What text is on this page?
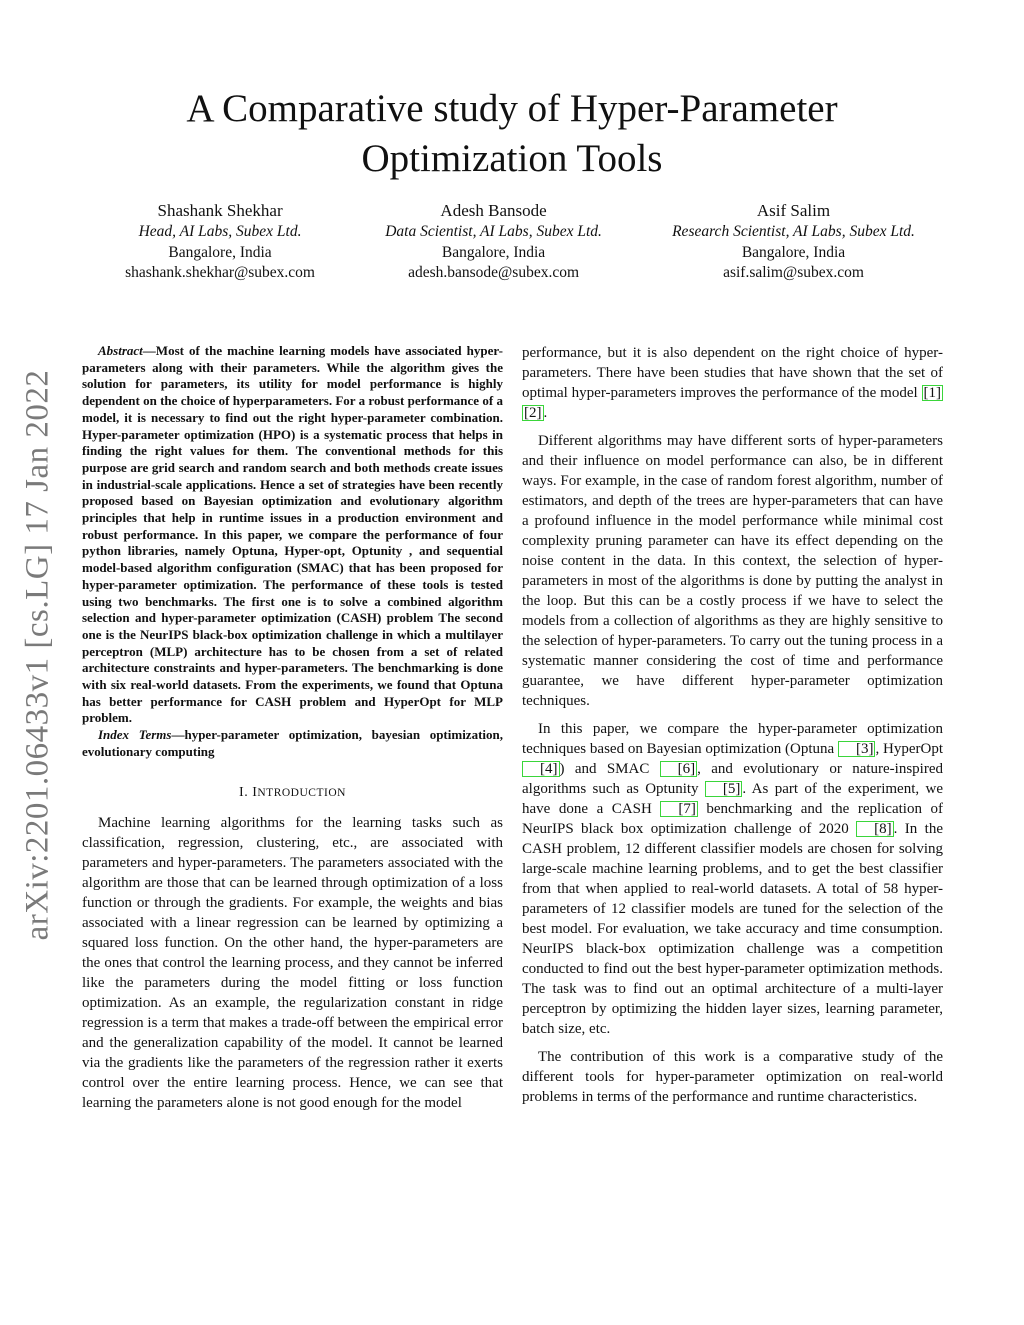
arXiv:2201.06433v1 [cs.LG] 17 Jan 2022
A Comparative study of Hyper-Parameter Optimization Tools
Shashank Shekhar
Head, AI Labs, Subex Ltd.
Bangalore, India
shashank.shekhar@subex.com
Adesh Bansode
Data Scientist, AI Labs, Subex Ltd.
Bangalore, India
adesh.bansode@subex.com
Asif Salim
Research Scientist, AI Labs, Subex Ltd.
Bangalore, India
asif.salim@subex.com

Abstract—Most of the machine learning models have associated hyper-parameters along with their parameters. While the algorithm gives the solution for parameters, its utility for model performance is highly dependent on the choice of hyperparameters. For a robust performance of a model, it is necessary to find out the right hyper-parameter combination. Hyper-parameter optimization (HPO) is a systematic process that helps in finding the right values for them. The conventional methods for this purpose are grid search and random search and both methods create issues in industrial-scale applications. Hence a set of strategies have been recently proposed based on Bayesian optimization and evolutionary algorithm principles that help in runtime issues in a production environment and robust performance. In this paper, we compare the performance of four python libraries, namely Optuna, Hyper-opt, Optunity , and sequential model-based algorithm configuration (SMAC) that has been proposed for hyper-parameter optimization. The performance of these tools is tested using two benchmarks. The first one is to solve a combined algorithm selection and hyper-parameter optimization (CASH) problem The second one is the NeurIPS black-box optimization challenge in which a multilayer perceptron (MLP) architecture has to be chosen from a set of related architecture constraints and hyper-parameters. The benchmarking is done with six real-world datasets. From the experiments, we found that Optuna has better performance for CASH problem and HyperOpt for MLP problem.

Index Terms—hyper-parameter optimization, bayesian optimization, evolutionary computing

I. INTRODUCTION

Machine learning algorithms for the learning tasks such as classification, regression, clustering, etc., are associated with parameters and hyper-parameters. The parameters associated with the algorithm are those that can be learned through optimization of a loss function or through the gradients. For example, the weights and bias associated with a linear regression can be learned by optimizing a squared loss function. On the other hand, the hyper-parameters are the ones that control the learning process, and they cannot be inferred like the parameters during the model fitting or loss function optimization. As an example, the regularization constant in ridge regression is a term that makes a trade-off between the empirical error and the generalization capability of the model. It cannot be learned via the gradients like the parameters of the regression rather it exerts control over the entire learning process. Hence, we can see that learning the parameters alone is not good enough for the model

performance, but it is also dependent on the right choice of hyper-parameters. There have been studies that have shown that the set of optimal hyper-parameters improves the performance of the model [1] [2] .

Different algorithms may have different sorts of hyper-parameters and their influence on model performance can also, be in different ways. For example, in the case of random forest algorithm, number of estimators, and depth of the trees are hyper-parameters that can have a profound influence in the model performance while minimal cost complexity pruning parameter can have its effect depending on the noise content in the data. In this context, the selection of hyper-parameters in most of the algorithms is done by putting the analyst in the loop. But this can be a costly process if we have to select the models from a collection of algorithms as they are highly sensitive to the selection of hyper-parameters. To carry out the tuning process in a systematic manner considering the cost of time and performance guarantee, we have different hyper-parameter optimization techniques.

In this paper, we compare the hyper-parameter optimization techniques based on Bayesian optimization (Optuna [3] , HyperOpt [4] ) and SMAC [6] , and evolutionary or nature-inspired algorithms such as Optunity [5] . As part of the experiment, we have done a CASH [7] benchmarking and the replication of NeurIPS black box optimization challenge of 2020 [8] . In the CASH problem, 12 different classifier models are chosen for solving large-scale machine learning problems, and to get the best classifier from that when applied to real-world datasets. A total of 58 hyper-parameters of 12 classifier models are tuned for the selection of the best model. For evaluation, we take accuracy and time consumption. NeurIPS black-box optimization challenge was a competition conducted to find out the best hyper-parameter optimization methods. The task was to find out an optimal architecture of a multi-layer perceptron by optimizing the hidden layer sizes, learning parameter, batch size, etc.

The contribution of this work is a comparative study of the different tools for hyper-parameter optimization on real-world problems in terms of the performance and runtime characteristics.
